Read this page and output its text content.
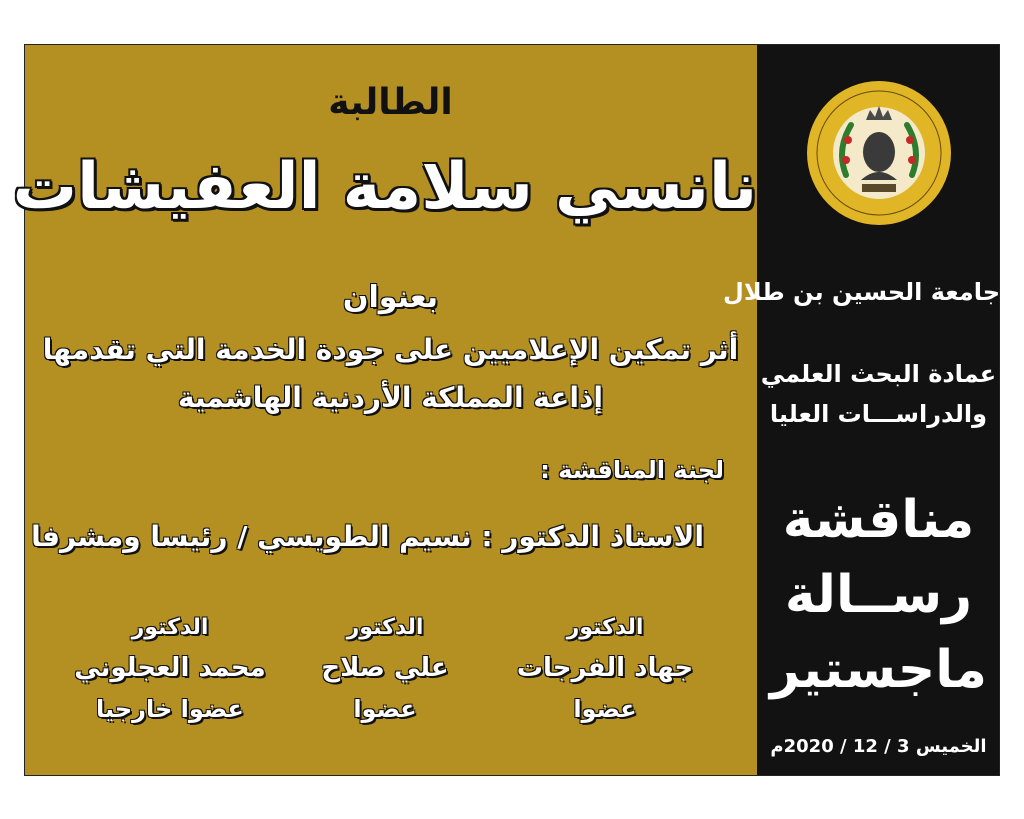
الطالبة
نانسي سلامة العفيشات
بعنوان
أثر تمكين الإعلاميين على جودة الخدمة التي تقدمها
إذاعة المملكة الأردنية الهاشمية
لجنة المناقشة :
الاستاذ الدكتور : نسيم الطويسي / رئيسا ومشرفا
الدكتور
جهاد الفرجات
عضوا
الدكتور
علي صلاح
عضوا
الدكتور
محمد العجلوني
عضوا خارجيا
جامعة الحسين بن طلال
عمادة البحث العلمي
والدراســـات العليا
مناقشة
رســالة
ماجستير
الخميس 3 / 12 / 2020م
